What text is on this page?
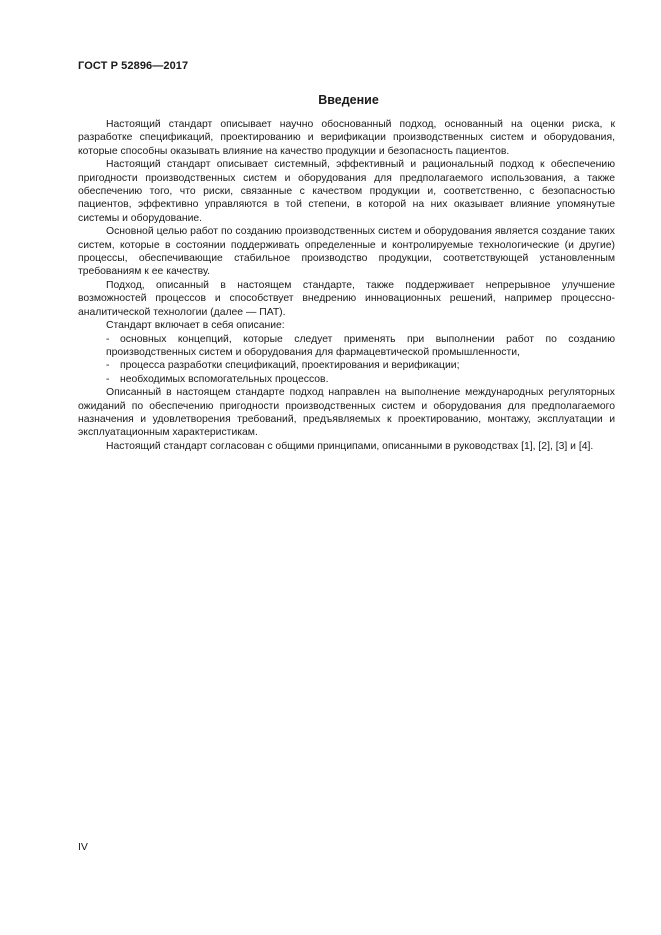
ГОСТ Р 52896—2017
Введение

Настоящий стандарт описывает научно обоснованный подход, основанный на оценки риска, к разработке спецификаций, проектированию и верификации производственных систем и оборудования, которые способны оказывать влияние на качество продукции и безопасность пациентов.

Настоящий стандарт описывает системный, эффективный и рациональный подход к обеспечению пригодности производственных систем и оборудования для предполагаемого использования, а также обеспечению того, что риски, связанные с качеством продукции и, соответственно, с безопасностью пациентов, эффективно управляются в той степени, в которой на них оказывает влияние упомянутые системы и оборудование.

Основной целью работ по созданию производственных систем и оборудования является создание таких систем, которые в состоянии поддерживать определенные и контролируемые технологические (и другие) процессы, обеспечивающие стабильное производство продукции, соответствующей установленным требованиям к ее качеству.

Подход, описанный в настоящем стандарте, также поддерживает непрерывное улучшение возможностей процессов и способствует внедрению инновационных решений, например процессно-аналитической технологии (далее — ПАТ).

Стандарт включает в себя описание:

- основных концепций, которые следует применять при выполнении работ по созданию производственных систем и оборудования для фармацевтической промышленности,

- процесса разработки спецификаций, проектирования и верификации;

- необходимых вспомогательных процессов.

Описанный в настоящем стандарте подход направлен на выполнение международных регуляторных ожиданий по обеспечению пригодности производственных систем и оборудования для предполагаемого назначения и удовлетворения требований, предъявляемых к проектированию, монтажу, эксплуатации и эксплуатационным характеристикам.

Настоящий стандарт согласован с общими принципами, описанными в руководствах [1], [2], [3] и [4].

IV
